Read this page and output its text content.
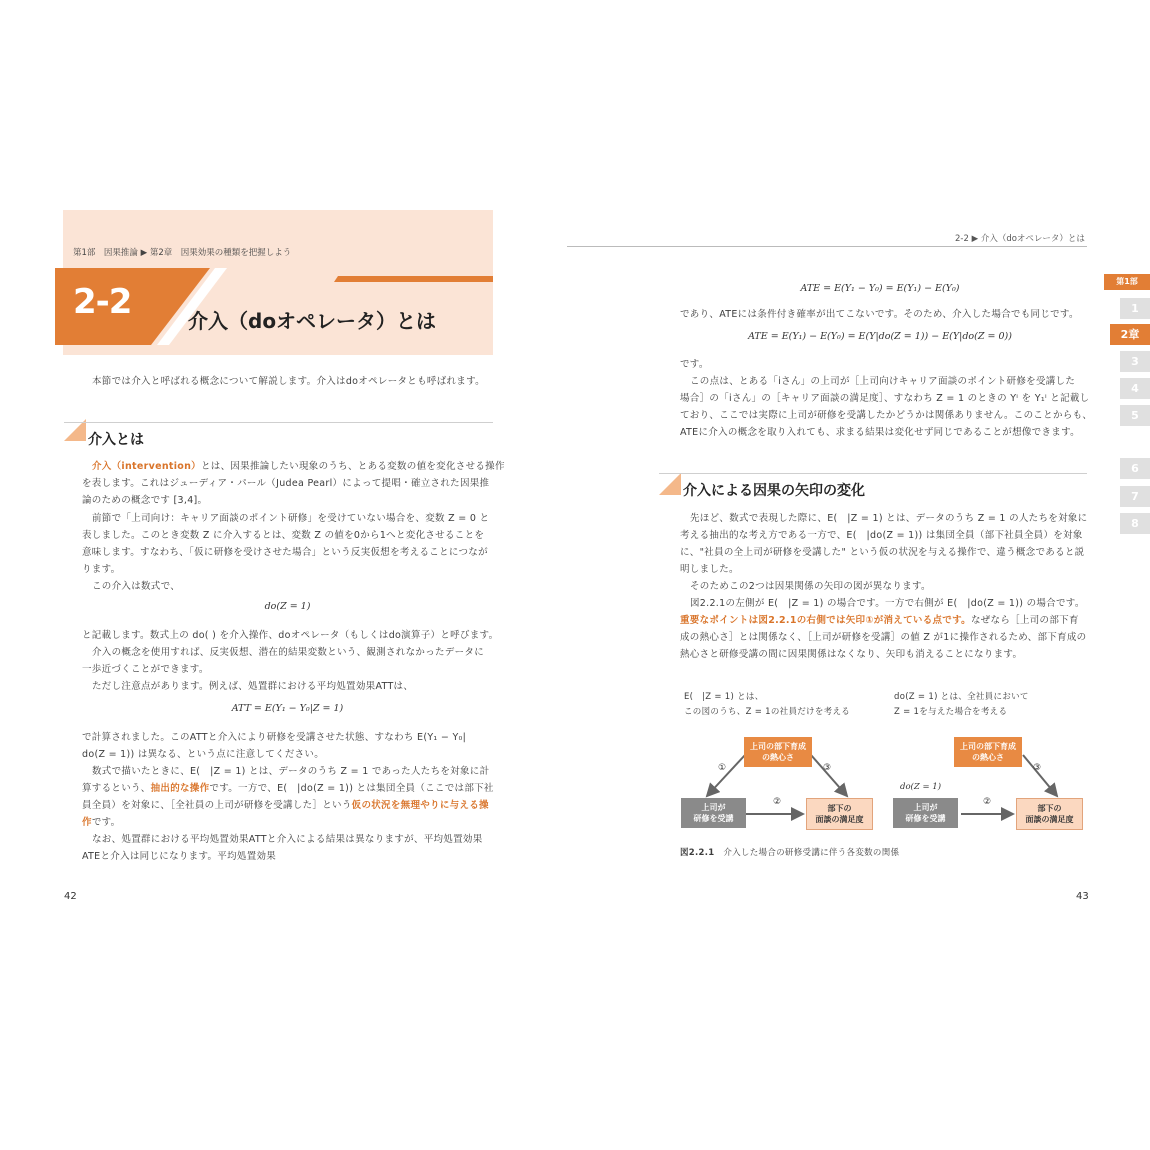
第1部　因果推論 ▶ 第2章　因果効果の種類を把握しよう
2-2	介入（doオペレータ）とは
本節では介入と呼ばれる概念について解説します。介入はdoオペレータとも呼ばれます。
介入とは
介入（intervention）とは、因果推論したい現象のうち、とある変数の値を変化させる操作
を表します。これはジューディア・パール（Judea Pearl）によって提唱・確立された因果推
論のための概念です [3,4]。
前節で「上司向け：キャリア面談のポイント研修」を受けていない場合を、変数 Z = 0 と
表しました。このとき変数 Z に介入するとは、変数 Z の値を0から1へと変化させることを
意味します。すなわち、「仮に研修を受けさせた場合」という反実仮想を考えることにつなが
ります。
この介入は数式で、
do(Z = 1)
と記載します。数式上の do( ) を介入操作、doオペレータ（もしくはdo演算子）と呼びます。
介入の概念を使用すれば、反実仮想、潜在的結果変数という、観測されなかったデータに
一歩近づくことができます。
ただし注意点があります。例えば、処置群における平均処置効果ATTは、
ATT = E(Y₁ − Y₀|Z = 1)
で計算されました。このATTと介入により研修を受講させた状態、すなわち E(Y₁ − Y₀|
do(Z = 1)) は異なる、という点に注意してください。
数式で描いたときに、E(　|Z = 1) とは、データのうち Z = 1 であった人たちを対象に計
算するという、抽出的な操作です。一方で、E(　|do(Z = 1)) とは集団全員（ここでは部下社
員全員）を対象に、［全社員の上司が研修を受講した］という仮の状況を無理やりに与える操
作です。
なお、処置群における平均処置効果ATTと介入による結果は異なりますが、平均処置効果
ATEと介入は同じになります。平均処置効果
42
2-2 ▶ 介入（doオペレータ）とは
ATE = E(Y₁ − Y₀) = E(Y₁) − E(Y₀)
であり、ATEには条件付き確率が出てこないです。そのため、介入した場合でも同じです。
ATE = E(Y₁) − E(Y₀) = E(Y|do(Z = 1)) − E(Y|do(Z = 0))
です。
この点は、とある「iさん」の上司が［上司向けキャリア面談のポイント研修を受講した
場合］の「iさん」の［キャリア面談の満足度］、すなわち Z = 1 のときの Yⁱ を Y₁ⁱ と記載し
ており、ここでは実際に上司が研修を受講したかどうかは関係ありません。このことからも、
ATEに介入の概念を取り入れても、求まる結果は変化せず同じであることが想像できます。
介入による因果の矢印の変化
先ほど、数式で表現した際に、E(　|Z = 1) とは、データのうち Z = 1 の人たちを対象に
考える抽出的な考え方である一方で、E(　|do(Z = 1)) は集団全員（部下社員全員）を対象
に、"社員の全上司が研修を受講した" という仮の状況を与える操作で、違う概念であると説
明しました。
そのためこの2つは因果関係の矢印の図が異なります。
図2.2.1の左側が E(　|Z = 1) の場合です。一方で右側が E(　|do(Z = 1)) の場合です。
重要なポイントは図2.2.1の右側では矢印①が消えている点です。なぜなら［上司の部下育
成の熱心さ］とは関係なく、［上司が研修を受講］の値 Z が1に操作されるため、部下育成の
熱心さと研修受講の間に因果関係はなくなり、矢印も消えることになります。
E(　|Z = 1) とは、
この図のうち、Z = 1の社員だけを考える
do(Z = 1) とは、全社員において
Z = 1を与えた場合を考える
上司の部下育成
の熱心さ
上司が
研修を受講
部下の
面談の満足度
①
②
③
上司の部下育成
の熱心さ
上司が
研修を受講
部下の
面談の満足度
do(Z = 1)
②
③
図2.2.1　 介入した場合の研修受講に伴う各変数の関係
43
第1部
1
2章
3
4
5
6
7
8
